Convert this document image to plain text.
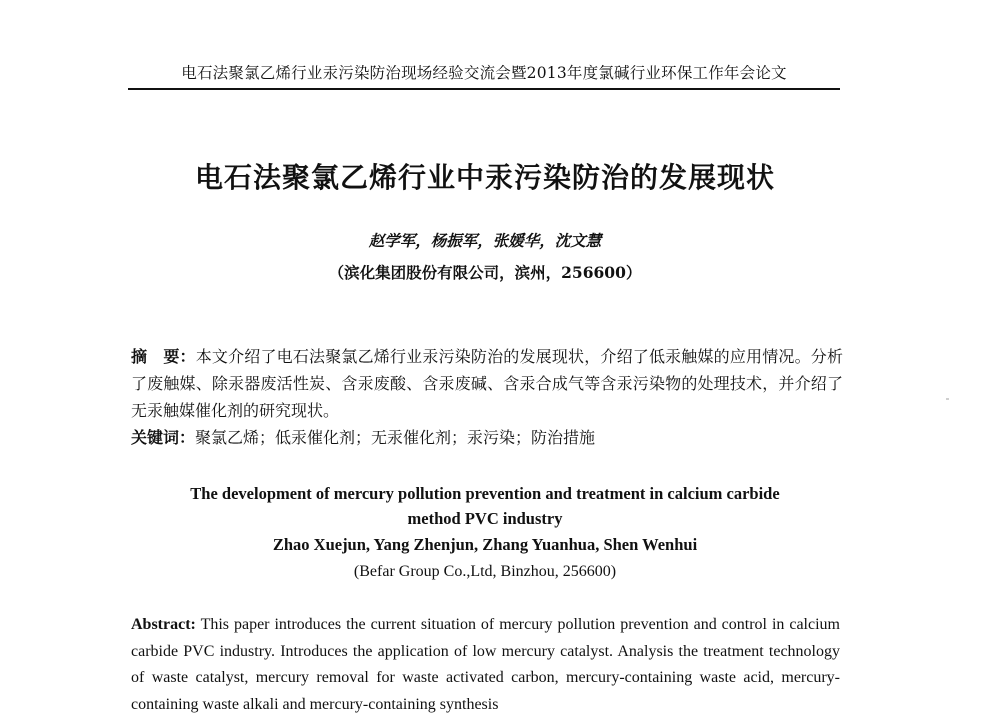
电石法聚氯乙烯行业汞污染防治现场经验交流会暨2013年度氯碱行业环保工作年会论文
电石法聚氯乙烯行业中汞污染防治的发展现状
赵学军，杨振军，张媛华，沈文慧
（滨化集团股份有限公司，滨州，256600）
摘　要：本文介绍了电石法聚氯乙烯行业汞污染防治的发展现状，介绍了低汞触媒的应用情况。分析了废触媒、除汞器废活性炭、含汞废酸、含汞废碱、含汞合成气等含汞污染物的处理技术，并介绍了无汞触媒催化剂的研究现状。
关键词：聚氯乙烯；低汞催化剂；无汞催化剂；汞污染；防治措施
The development of mercury pollution prevention and treatment in calcium carbide method PVC industry
Zhao Xuejun, Yang Zhenjun, Zhang Yuanhua, Shen Wenhui
(Befar Group Co.,Ltd, Binzhou, 256600)
Abstract: This paper introduces the current situation of mercury pollution prevention and control in calcium carbide PVC industry. Introduces the application of low mercury catalyst. Analysis the treatment technology of waste catalyst, mercury removal for waste activated carbon, mercury-containing waste acid, mercury-containing waste alkali and mercury-containing synthesis
